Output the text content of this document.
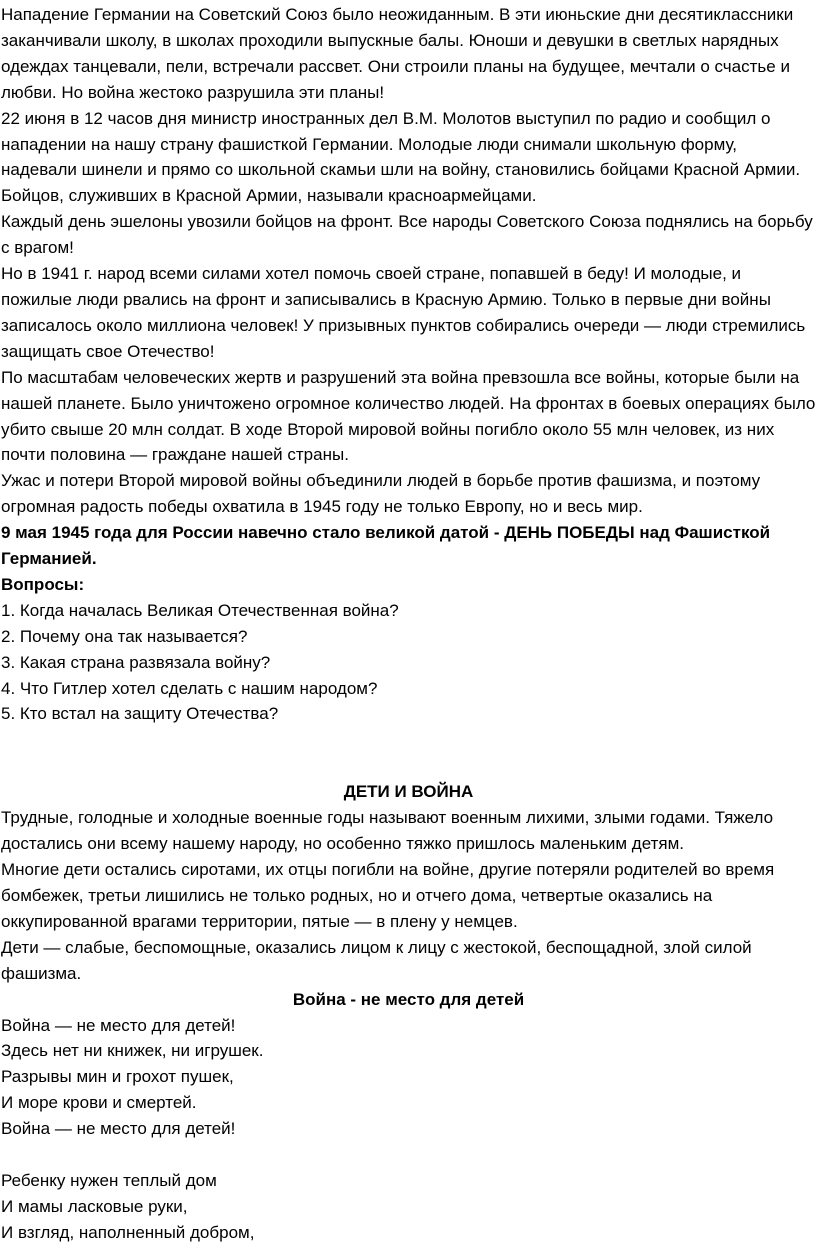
Нападение Германии на Советский Союз было неожиданным. В эти июньские дни десятиклассники заканчивали школу, в школах проходили выпускные балы. Юноши и девушки в светлых нарядных одеждах танцевали, пели, встречали рассвет. Они строили планы на будущее, мечтали о счастье и любви. Но война жестоко разрушила эти планы!

22 июня в 12 часов дня министр иностранных дел В.М. Молотов выступил по радио и сообщил о нападении на нашу страну фашисткой Германии. Молодые люди снимали школьную форму, надевали шинели и прямо со школьной скамьи шли на войну, становились бойцами Красной Армии. Бойцов, служивших в Красной Армии, называли красноармейцами.

Каждый день эшелоны увозили бойцов на фронт. Все народы Советского Союза поднялись на борьбу с врагом!

Но в 1941 г. народ всеми силами хотел помочь своей стране, попавшей в беду! И молодые, и пожилые люди рвались на фронт и записывались в Красную Армию. Только в первые дни войны записалось около миллиона человек! У призывных пунктов собирались очереди — люди стремились защищать свое Отечество!

По масштабам человеческих жертв и разрушений эта война превзошла все войны, которые были на нашей планете. Было уничтожено огромное количество людей. На фронтах в боевых операциях было убито свыше 20 млн солдат. В ходе Второй мировой войны погибло около 55 млн человек, из них почти половина — граждане нашей страны.

Ужас и потери Второй мировой войны объединили людей в борьбе против фашизма, и поэтому огромная радость победы охватила в 1945 году не только Европу, но и весь мир.

9 мая 1945 года для России навечно стало великой датой - ДЕНЬ ПОБЕДЫ над Фашисткой Германией.

Вопросы:

1. Когда началась Великая Отечественная война?

2. Почему она так называется?

3. Какая страна развязала войну?

4. Что Гитлер хотел сделать с нашим народом?

5. Кто встал на защиту Отечества?

ДЕТИ И ВОЙНА

Трудные, голодные и холодные военные годы называют военным лихими, злыми годами. Тяжело достались они всему нашему народу, но особенно тяжко пришлось маленьким детям.

Многие дети остались сиротами, их отцы погибли на войне, другие потеряли родителей во время бомбежек, третьи лишились не только родных, но и отчего дома, четвертые оказались на оккупированной врагами территории, пятые — в плену у немцев.

Дети — слабые, беспомощные, оказались лицом к лицу с жестокой, беспощадной, злой силой фашизма.

Война - не место для детей

Война — не место для детей!

Здесь нет ни книжек, ни игрушек.

Разрывы мин и грохот пушек,

И море крови и смертей.

Война — не место для детей!

Ребенку нужен теплый дом

И мамы ласковые руки,

И взгляд, наполненный добром,
